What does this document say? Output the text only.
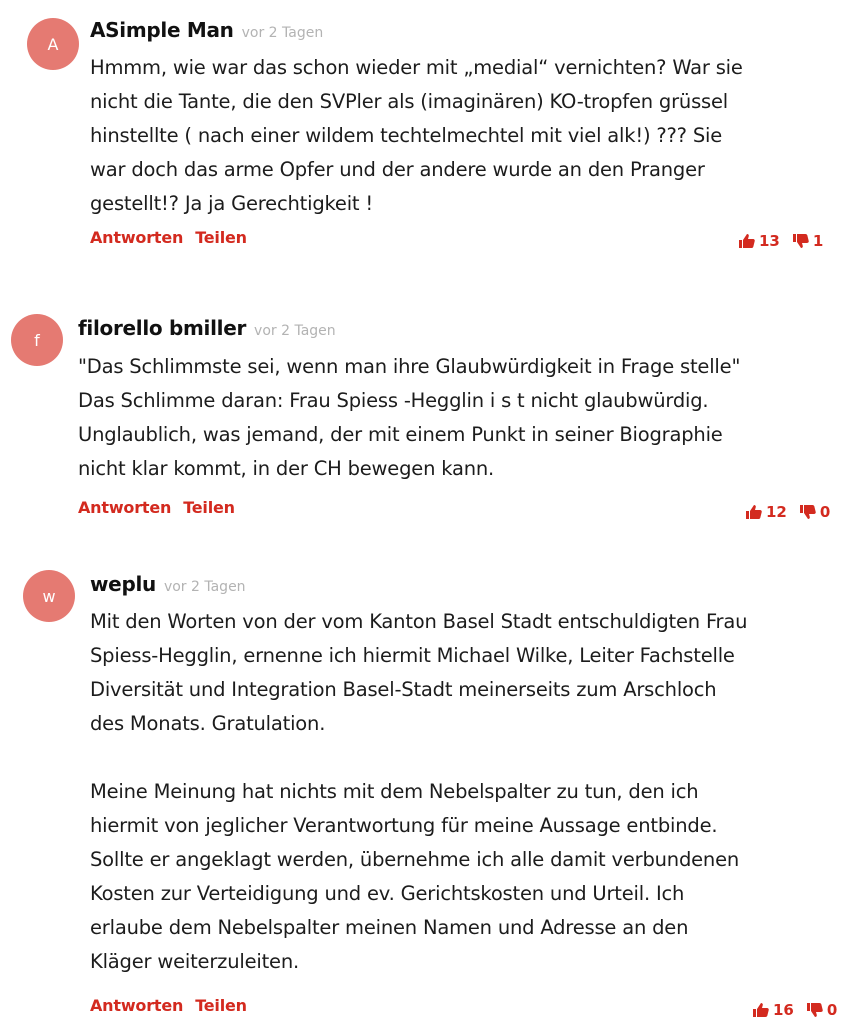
A
ASimple Man vor 2 Tagen
Hmmm, wie war das schon wieder mit „medial“ vernichten? War sie
nicht die Tante, die den SVPler als (imaginären) KO-tropfen grüssel
hinstellte ( nach einer wildem techtelmechtel mit viel alk!) ??? Sie
war doch das arme Opfer und der andere wurde an den Pranger
gestellt!? Ja ja Gerechtigkeit !
Antworten Teilen	13 1
f	filorello bmiller vor 2 Tagen
"Das Schlimmste sei, wenn man ihre Glaubwürdigkeit in Frage stelle"
Das Schlimme daran: Frau Spiess -Hegglin i s t nicht glaubwürdig.
Unglaublich, was jemand, der mit einem Punkt in seiner Biographie
nicht klar kommt, in der CH bewegen kann.
Antworten Teilen	12 0
w	weplu vor 2 Tagen
Mit den Worten von der vom Kanton Basel Stadt entschuldigten Frau
Spiess-Hegglin, ernenne ich hiermit Michael Wilke, Leiter Fachstelle
Diversität und Integration Basel-Stadt meinerseits zum Arschloch
des Monats. Gratulation.

Meine Meinung hat nichts mit dem Nebelspalter zu tun, den ich
hiermit von jeglicher Verantwortung für meine Aussage entbinde.
Sollte er angeklagt werden, übernehme ich alle damit verbundenen
Kosten zur Verteidigung und ev. Gerichtskosten und Urteil. Ich
erlaube dem Nebelspalter meinen Namen und Adresse an den
Kläger weiterzuleiten.
Antworten Teilen	16 0
